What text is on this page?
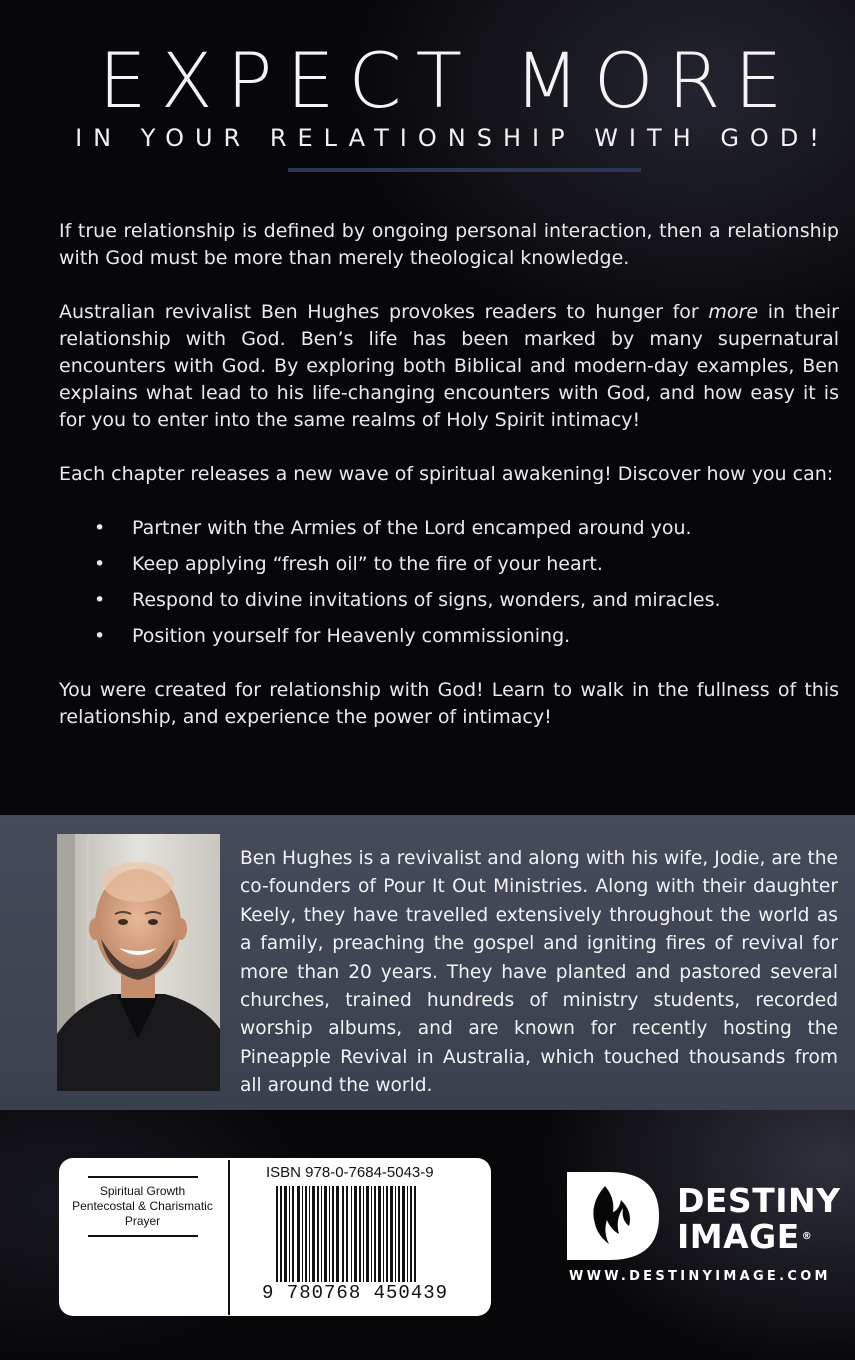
EXPECT MORE
IN YOUR RELATIONSHIP WITH GOD!

If true relationship is defined by ongoing personal interaction, then a relationship with God must be more than merely theological knowledge.

Australian revivalist Ben Hughes provokes readers to hunger for more in their relationship with God. Ben’s life has been marked by many supernatural encounters with God. By exploring both Biblical and modern-day examples, Ben explains what lead to his life-changing encounters with God, and how easy it is for you to enter into the same realms of Holy Spirit intimacy!

Each chapter releases a new wave of spiritual awakening! Discover how you can:

• Partner with the Armies of the Lord encamped around you.
• Keep applying “fresh oil” to the fire of your heart.
• Respond to divine invitations of signs, wonders, and miracles.
• Position yourself for Heavenly commissioning.

You were created for relationship with God! Learn to walk in the fullness of this relationship, and experience the power of intimacy!

Ben Hughes is a revivalist and along with his wife, Jodie, are the co-founders of Pour It Out Ministries. Along with their daughter Keely, they have travelled extensively throughout the world as a family, preaching the gospel and igniting fires of revival for more than 20 years. They have planted and pastored several churches, trained hundreds of ministry students, recorded worship albums, and are known for recently hosting the Pineapple Revival in Australia, which touched thousands from all around the world.
Spiritual Growth
Pentecostal & Charismatic
Prayer
ISBN 978-0-7684-5043-9
9 780768 450439
DESTINY
IMAGE ®
WWW.DESTINYIMAGE.COM
